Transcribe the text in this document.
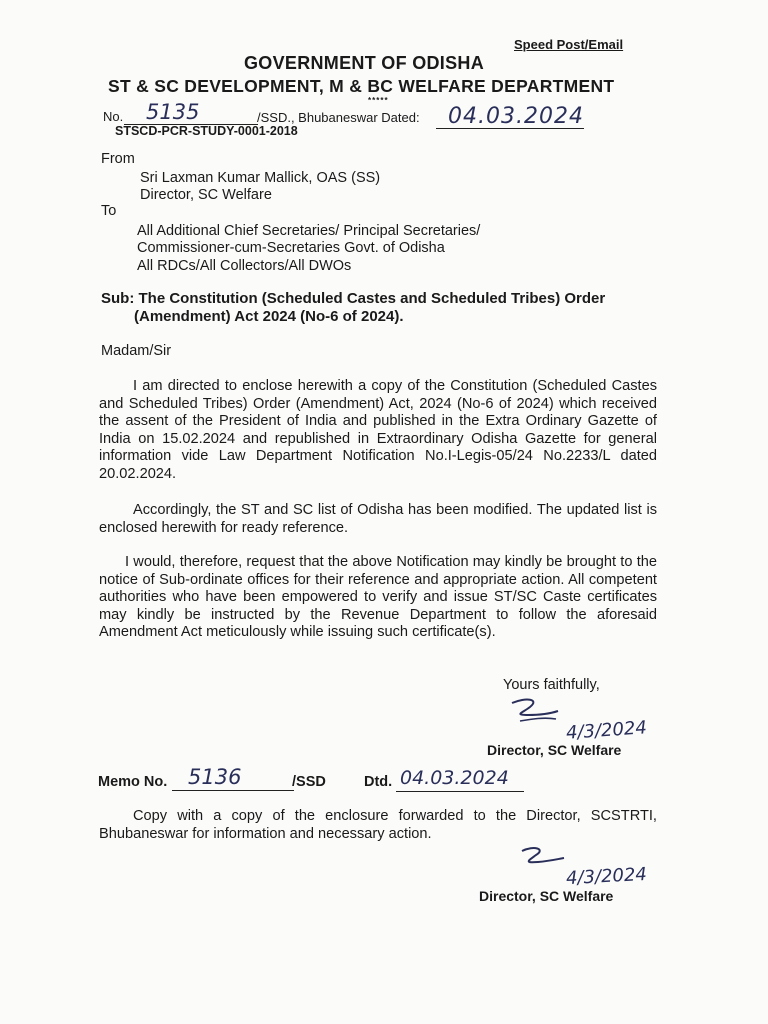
Speed Post/Email
GOVERNMENT OF ODISHA
ST & SC DEVELOPMENT, M & BC WELFARE DEPARTMENT
*****
No. 5135	/SSD., Bhubaneswar Dated: 04.03.2024
STSCD-PCR-STUDY-0001-2018
From
Sri Laxman Kumar Mallick, OAS (SS)
Director, SC Welfare
To
All Additional Chief Secretaries/ Principal Secretaries/
Commissioner-cum-Secretaries Govt. of Odisha
All RDCs/All Collectors/All DWOs
Sub: The Constitution (Scheduled Castes and Scheduled Tribes) Order
(Amendment) Act 2024 (No-6 of 2024).
Madam/Sir
I am directed to enclose herewith a copy of the Constitution (Scheduled Castes and Scheduled Tribes) Order (Amendment) Act, 2024 (No-6 of 2024) which received the assent of the President of India and published in the Extra Ordinary Gazette of India on 15.02.2024 and republished in Extraordinary Odisha Gazette for general information vide Law Department Notification No.I-Legis-05/24 No.2233/L dated 20.02.2024.
Accordingly, the ST and SC list of Odisha has been modified. The updated list is enclosed herewith for ready reference.
I would, therefore, request that the above Notification may kindly be brought to the notice of Sub-ordinate offices for their reference and appropriate action. All competent authorities who have been empowered to verify and issue ST/SC Caste certificates may kindly be instructed by the Revenue Department to follow the aforesaid Amendment Act meticulously while issuing such certificate(s).
Yours faithfully,
4/3/2024
Director, SC Welfare
Memo No. 5136	/SSD	Dtd. 04.03.2024
Copy with a copy of the enclosure forwarded to the Director, SCSTRTI, Bhubaneswar for information and necessary action.
4/3/2024
Director, SC Welfare
